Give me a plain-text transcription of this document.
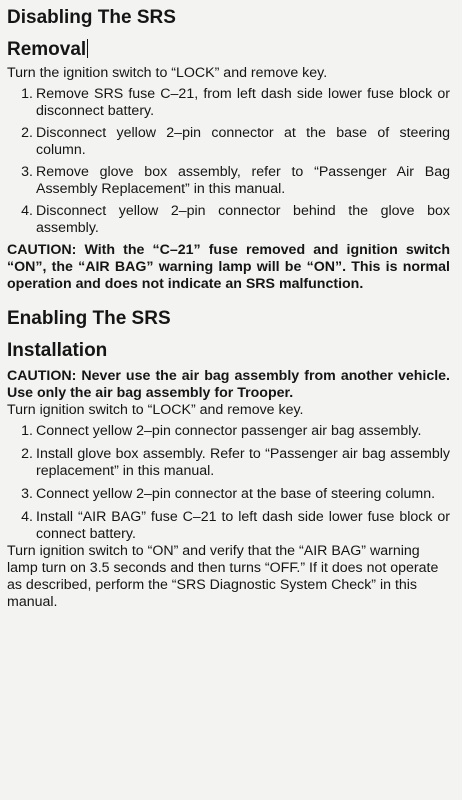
Disabling The SRS
Removal

Turn the ignition switch to “LOCK” and remove key.

1. Remove SRS fuse C–21, from left dash side lower fuse block or disconnect battery.
2. Disconnect yellow 2–pin connector at the base of steering column.
3. Remove glove box assembly, refer to “Passenger Air Bag Assembly Replacement” in this manual.
4. Disconnect yellow 2–pin connector behind the glove box assembly.

CAUTION: With the “C–21” fuse removed and ignition switch “ON”, the “AIR BAG” warning lamp will be “ON”. This is normal operation and does not indicate an SRS malfunction.

Enabling The SRS
Installation

CAUTION: Never use the air bag assembly from another vehicle. Use only the air bag assembly for Trooper.

Turn ignition switch to “LOCK” and remove key.

1. Connect yellow 2–pin connector passenger air bag assembly.
2. Install glove box assembly. Refer to “Passenger air bag assembly replacement” in this manual.
3. Connect yellow 2–pin connector at the base of steering column.
4. Install “AIR BAG” fuse C–21 to left dash side lower fuse block or connect battery.

Turn ignition switch to “ON” and verify that the “AIR BAG” warning lamp turn on 3.5 seconds and then turns “OFF.” If it does not operate as described, perform the “SRS Diagnostic System Check” in this manual.
